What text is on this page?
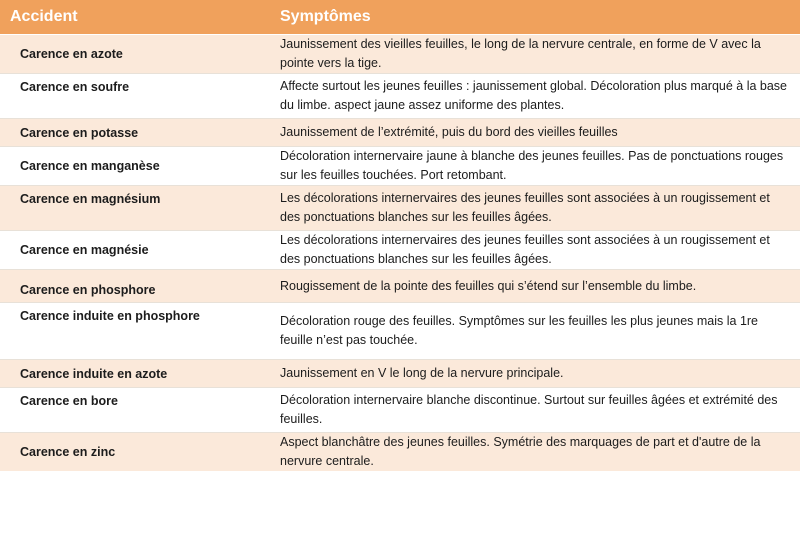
Accident	Symptômes
Carence en azote	Jaunissement des vieilles feuilles, le long de la nervure centrale, en forme de V avec la pointe vers la tige.
Carence en soufre	Affecte surtout les jeunes feuilles : jaunissement global. Décoloration plus marqué à la base du limbe. aspect jaune assez uniforme des plantes.
Carence en potasse	Jaunissement de l’extrémité, puis du bord des vieilles feuilles
Carence en manganèse	Décoloration internervaire jaune à blanche des jeunes feuilles. Pas de ponctuations rouges sur les feuilles touchées. Port retombant.
Carence en magnésium	Les décolorations internervaires des jeunes feuilles sont associées à un rougissement et des ponctuations blanches sur les feuilles âgées.
Carence en magnésie	Les décolorations internervaires des jeunes feuilles sont associées à un rougissement et des ponctuations blanches sur les feuilles âgées.
Carence en phosphore	Rougissement de la pointe des feuilles qui s’étend sur l’ensemble du limbe.
Carence induite en phosphore	Décoloration rouge des feuilles. Symptômes sur les feuilles les plus jeunes mais la 1re feuille n’est pas touchée.
Carence induite en azote	Jaunissement en V le long de la nervure principale.
Carence en bore	Décoloration internervaire blanche discontinue. Surtout sur feuilles âgées et extrémité des feuilles.
Carence en zinc	Aspect blanchâtre des jeunes feuilles. Symétrie des marquages de part et d'autre de la nervure centrale.
